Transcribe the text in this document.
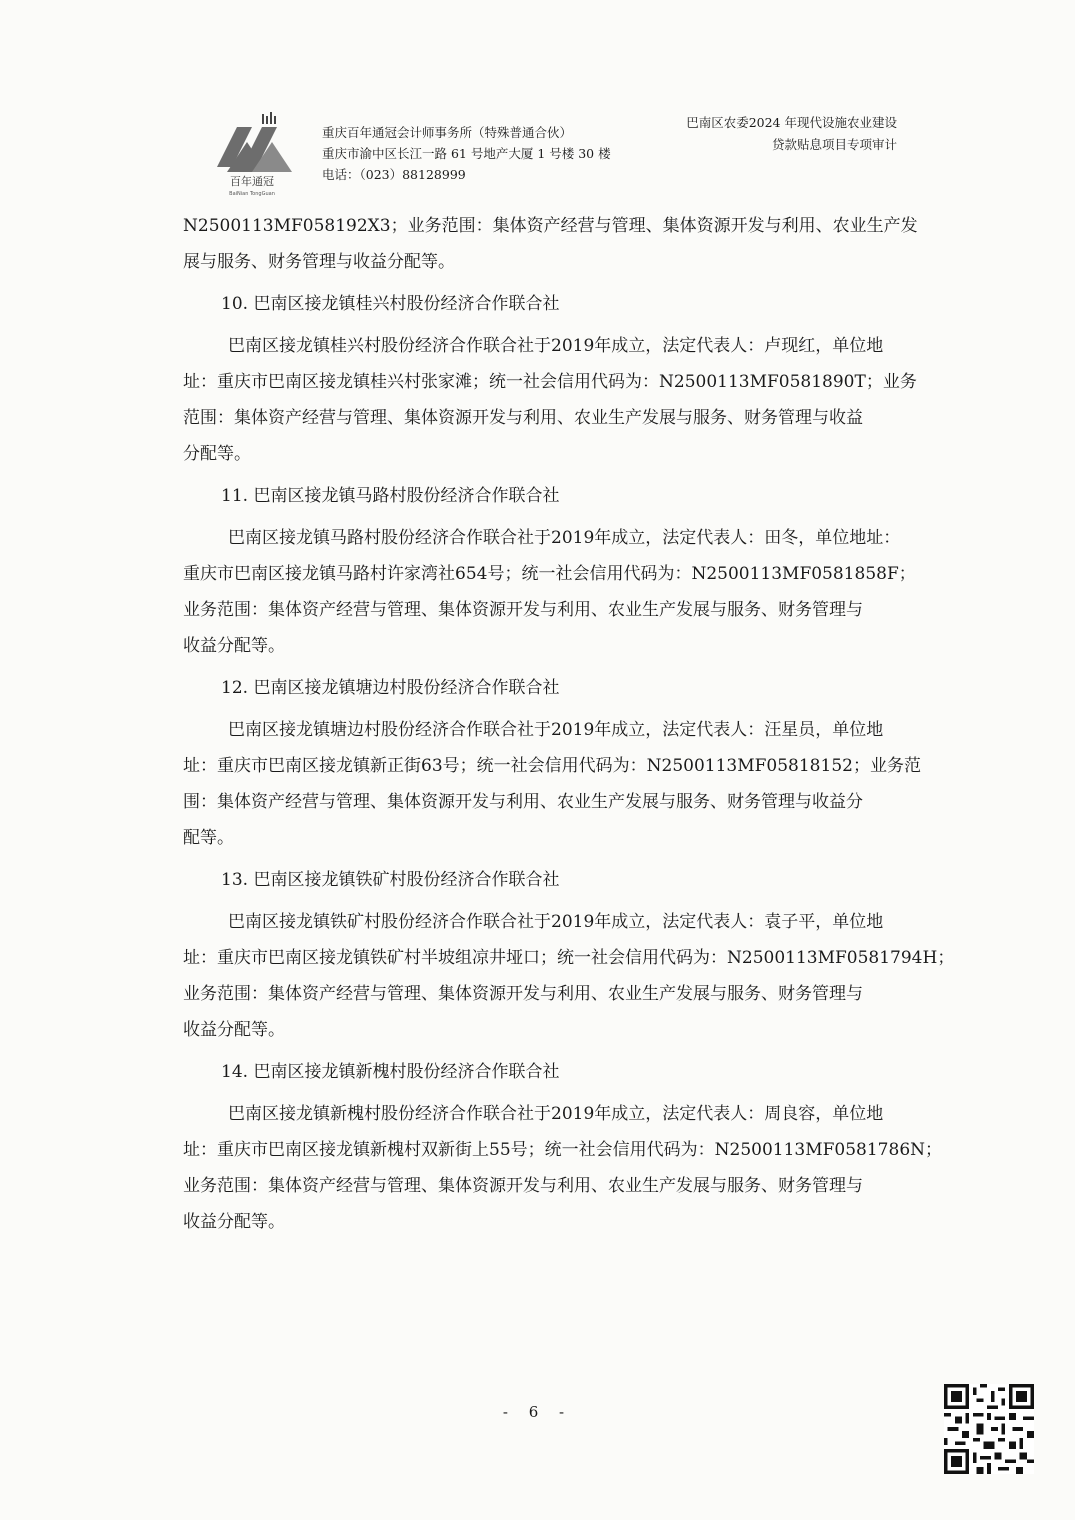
百年通冠
BaiNian TongGuan
重庆百年通冠会计师事务所（特殊普通合伙）
重庆市渝中区长江一路 61 号地产大厦 1 号楼 30 楼
电话：（023）88128999
巴南区农委2024 年现代设施农业建设
贷款贴息项目专项审计
N2500113MF058192X3；业务范围：集体资产经营与管理、集体资源开发与利用、农业生产发
展与服务、财务管理与收益分配等。
10. 巴南区接龙镇桂兴村股份经济合作联合社
巴南区接龙镇桂兴村股份经济合作联合社于2019年成立，法定代表人：卢现红，单位地
址：重庆市巴南区接龙镇桂兴村张家滩；统一社会信用代码为：N2500113MF0581890T；业务
范围：集体资产经营与管理、集体资源开发与利用、农业生产发展与服务、财务管理与收益
分配等。
11. 巴南区接龙镇马路村股份经济合作联合社
巴南区接龙镇马路村股份经济合作联合社于2019年成立，法定代表人：田冬，单位地址：
重庆市巴南区接龙镇马路村许家湾社654号；统一社会信用代码为：N2500113MF0581858F；
业务范围：集体资产经营与管理、集体资源开发与利用、农业生产发展与服务、财务管理与
收益分配等。
12. 巴南区接龙镇塘边村股份经济合作联合社
巴南区接龙镇塘边村股份经济合作联合社于2019年成立，法定代表人：汪星员，单位地
址：重庆市巴南区接龙镇新正街63号；统一社会信用代码为：N2500113MF05818152；业务范
围：集体资产经营与管理、集体资源开发与利用、农业生产发展与服务、财务管理与收益分
配等。
13. 巴南区接龙镇铁矿村股份经济合作联合社
巴南区接龙镇铁矿村股份经济合作联合社于2019年成立，法定代表人：袁子平，单位地
址：重庆市巴南区接龙镇铁矿村半坡组凉井垭口；统一社会信用代码为：N2500113MF0581794H；
业务范围：集体资产经营与管理、集体资源开发与利用、农业生产发展与服务、财务管理与
收益分配等。
14. 巴南区接龙镇新槐村股份经济合作联合社
巴南区接龙镇新槐村股份经济合作联合社于2019年成立，法定代表人：周良容，单位地
址：重庆市巴南区接龙镇新槐村双新街上55号；统一社会信用代码为：N2500113MF0581786N；
业务范围：集体资产经营与管理、集体资源开发与利用、农业生产发展与服务、财务管理与
收益分配等。
- 6 -
